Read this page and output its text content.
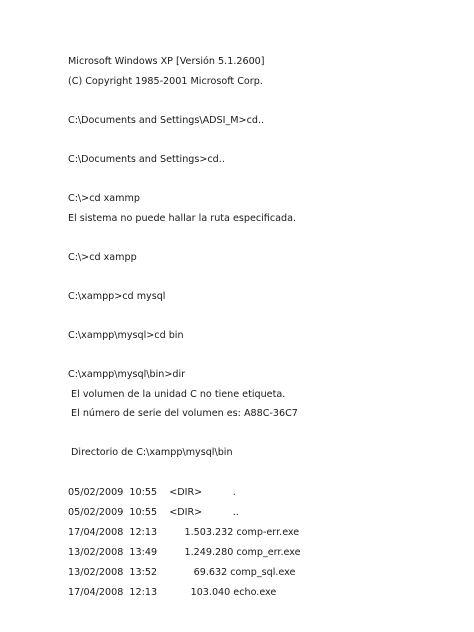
Microsoft Windows XP [Versión 5.1.2600]

(C) Copyright 1985-2001 Microsoft Corp.

C:\Documents and Settings\ADSI_M>cd..

C:\Documents and Settings>cd..

C:\>cd xammp

El sistema no puede hallar la ruta especificada.

C:\>cd xampp

C:\xampp>cd mysql

C:\xampp\mysql>cd bin

C:\xampp\mysql\bin>dir

El volumen de la unidad C no tiene etiqueta.

El número de serie del volumen es: A88C-36C7

Directorio de C:\xampp\mysql\bin

05/02/2009  10:55    <DIR>          .

05/02/2009  10:55    <DIR>          ..

17/04/2008  12:13         1.503.232 comp-err.exe

13/02/2008  13:49         1.249.280 comp_err.exe

13/02/2008  13:52            69.632 comp_sql.exe

17/04/2008  12:13           103.040 echo.exe
